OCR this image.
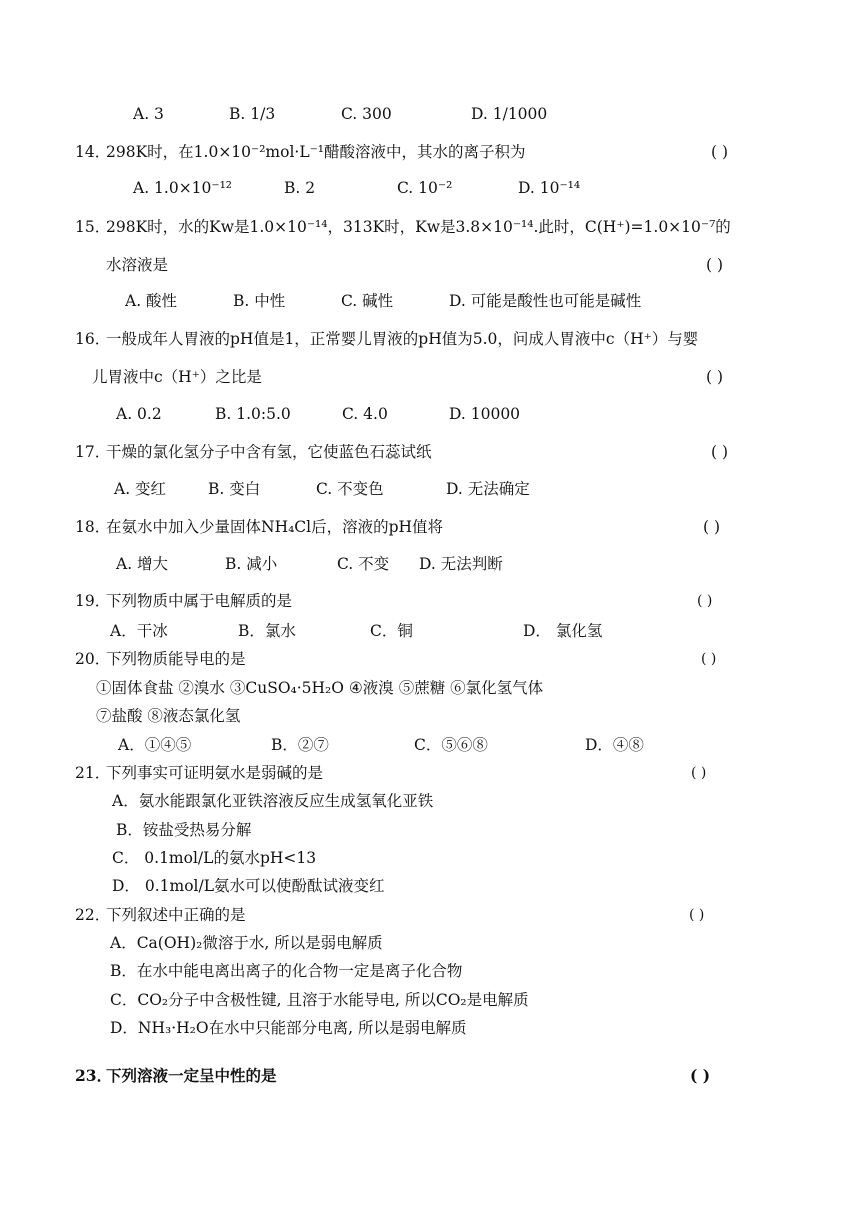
A. 3	B. 1/3	C. 300	D. 1/1000
14．
298K时，在1.0×10⁻²mol·L⁻¹醋酸溶液中，其水的离子积为	( )
A. 1.0×10⁻¹²	B. 2	C. 10⁻²	D. 10⁻¹⁴
15．
298K时，水的Kw是1.0×10⁻¹⁴，313K时，Kw是3.8×10⁻¹⁴.此时，C(H⁺)=1.0×10⁻⁷的
水溶液是	( )
A. 酸性	B. 中性	C. 碱性	D. 可能是酸性也可能是碱性
16．
一般成年人胃液的pH值是1，正常婴儿胃液的pH值为5.0，问成人胃液中c（H⁺）与婴
儿胃液中c（H⁺）之比是	( )
A. 0.2	B. 1.0:5.0	C. 4.0	D. 10000
17．
干燥的氯化氢分子中含有氢，它使蓝色石蕊试纸	( )
A. 变红	B. 变白	C. 不变色	D. 无法确定
18．
在氨水中加入少量固体NH₄Cl后，溶液的pH值将	( )
A. 增大	B. 减小	C. 不变 D. 无法判断
19．
下列物质中属于电解质的是	( )
A．干冰	B．氯水	C．铜	D． 氯化氢
20．
下列物质能导电的是	( )
①固体食盐 ②溴水 ③CuSO₄·5H₂O ④液溴 ⑤蔗糖 ⑥氯化氢气体
⑦盐酸 ⑧液态氯化氢
A．①④⑤	B．②⑦	C．⑤⑥⑧	D．④⑧
21．
下列事实可证明氨水是弱碱的是	( )
A．氨水能跟氯化亚铁溶液反应生成氢氧化亚铁
B．铵盐受热易分解
C． 0.1mol/L的氨水pH<13
D． 0.1mol/L氨水可以使酚酞试液变红
22．
下列叙述中正确的是	( )
A．Ca(OH)₂微溶于水, 所以是弱电解质
B．在水中能电离出离子的化合物一定是离子化合物
C．CO₂分子中含极性键, 且溶于水能导电, 所以CO₂是电解质
D．NH₃·H₂O在水中只能部分电离, 所以是弱电解质
23．
下列溶液一定呈中性的是	( )
